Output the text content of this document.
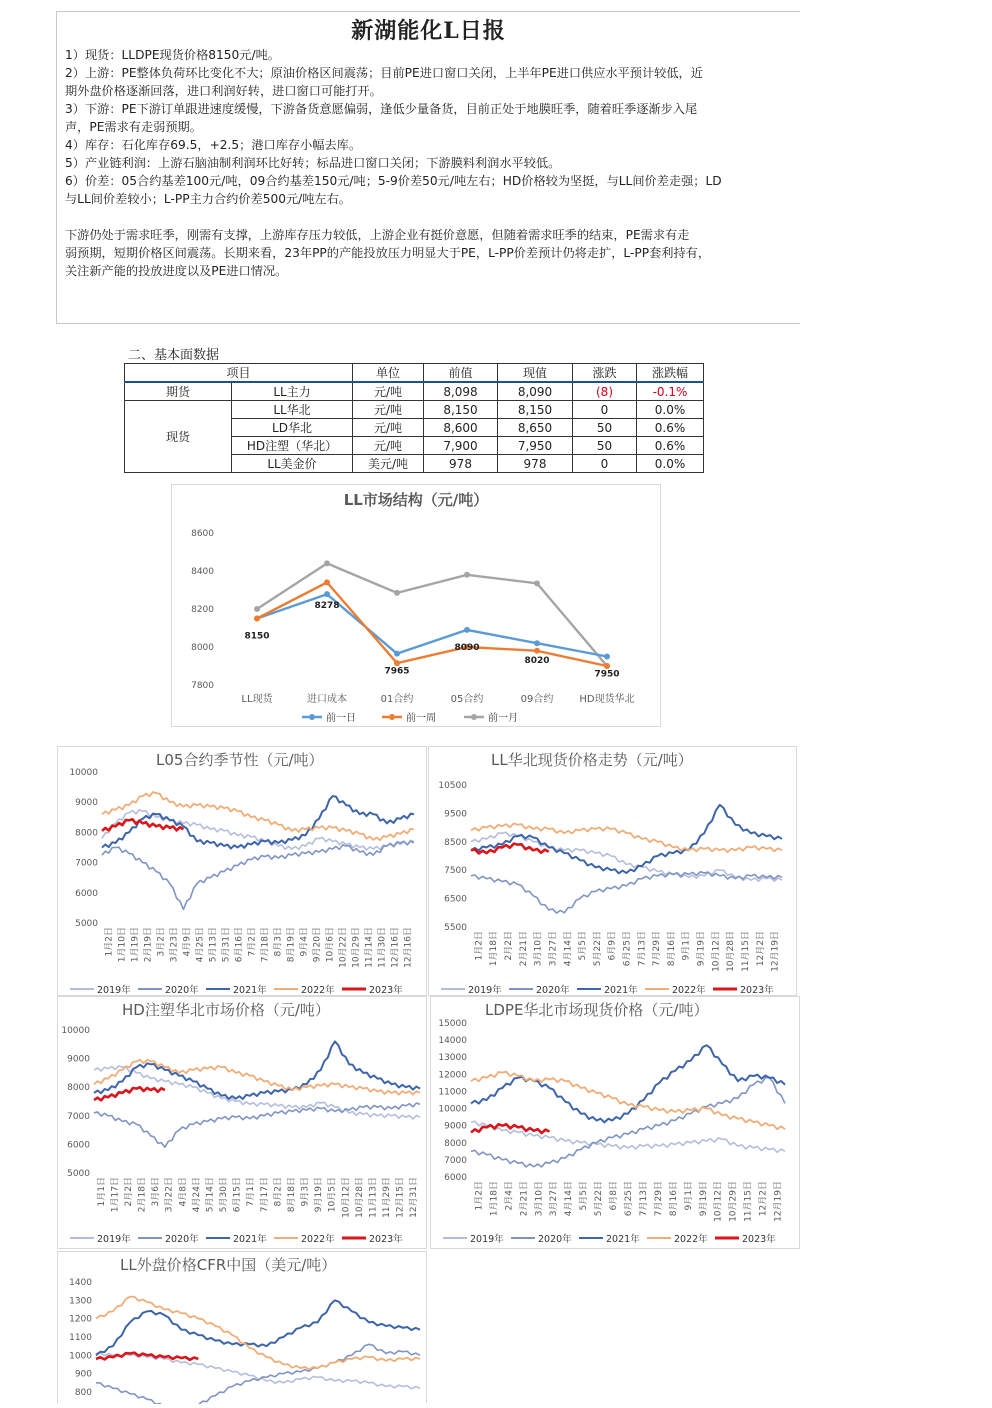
新湖能化L日报

1）现货：LLDPE现货价格8150元/吨。

2）上游：PE整体负荷环比变化不大；原油价格区间震荡；目前PE进口窗口关闭，上半年PE进口供应水平预计较低，近

期外盘价格逐渐回落，进口利润好转，进口窗口可能打开。

3）下游：PE下游订单跟进速度缓慢，下游备货意愿偏弱，逢低少量备货，目前正处于地膜旺季，随着旺季逐渐步入尾

声，PE需求有走弱预期。

4）库存：石化库存69.5，+2.5；港口库存小幅去库。

5）产业链利润：上游石脑油制利润环比好转；标品进口窗口关闭；下游膜料利润水平较低。

6）价差：05合约基差100元/吨，09合约基差150元/吨；5-9价差50元/吨左右；HD价格较为坚挺，与LL间价差走强；LD

与LL间价差较小；L-PP主力合约价差500元/吨左右。

下游仍处于需求旺季，刚需有支撑，上游库存压力较低，上游企业有挺价意愿，但随着需求旺季的结束，PE需求有走

弱预期，短期价格区间震荡。长期来看，23年PP的产能投放压力明显大于PE，L-PP价差预计仍将走扩，L-PP套利持有，

关注新产能的投放进度以及PE进口情况。

二、基本面数据
项目		单位	前值	现值	涨跌	涨跌幅
期货	LL主力	元/吨	8,098	8,090	(8)	-0.1%
现货	LL华北	元/吨	8,150	8,150	0	0.0%
	LD华北	元/吨	8,600	8,650	50	0.6%
	HD注塑（华北）	元/吨	7,900	7,950	50	0.6%
	LL美金价	美元/吨	978	978	0	0.0%
LL市场结构（元/吨）
7800
8000
8200
8400
8600
LL现货	进口成本	01合约	05合约	09合约	HD现货华北
8150
8278
7965
8090
8020
7950
前一日	前一周	前一月
L05合约季节性（元/吨）
5000
6000
7000
8000
9000
10000
1月2日 1月10日 1月19日 2月19日 3月2日 3月23日 4月9日 4月25日 5月13日 5月31日 6月16日 7月2日 7月18日 8月3日 8月19日 9月4日 9月20日 10月6日 10月22日 10月29日 11月14日 11月30日 12月16日 12月16日
2019年	2020年	2021年	2022年	2023年
LL华北现货价格走势（元/吨）
5500
6500
7500
8500
9500
10500
1月2日 1月18日 2月2日 2月21日 3月10日 3月27日 4月14日 5月5日 5月22日 6月9日 6月25日 7月13日 7月29日 8月16日 9月1日 9月19日 10月12日 10月28日 11月15日 12月2日 12月19日
2019年	2020年	2021年	2022年	2023年
HD注塑华北市场价格（元/吨）
5000
6000
7000
8000
9000
10000
1月1日 1月17日 2月2日 2月18日 3月6日 3月22日 4月8日 4月24日 5月14日 5月30日 6月15日 7月1日 7月17日 8月2日 8月18日 9月3日 9月19日 10月5日 10月12日 10月28日 11月13日 11月29日 12月15日 12月31日
2019年	2020年	2021年	2022年	2023年
LDPE华北市场现货价格（元/吨）
6000
7000
8000
9000
10000
11000
12000
13000
14000
15000
1月2日 1月18日 2月4日 2月21日 3月10日 3月27日 4月14日 5月5日 5月22日 6月8日 6月25日 7月13日 7月29日 8月16日 9月1日 9月19日 10月12日 10月29日 11月15日 12月2日 12月19日
2019年	2020年	2021年	2022年	2023年
LL外盘价格CFR中国（美元/吨）
800
900
1000
1100
1200
1300
1400
